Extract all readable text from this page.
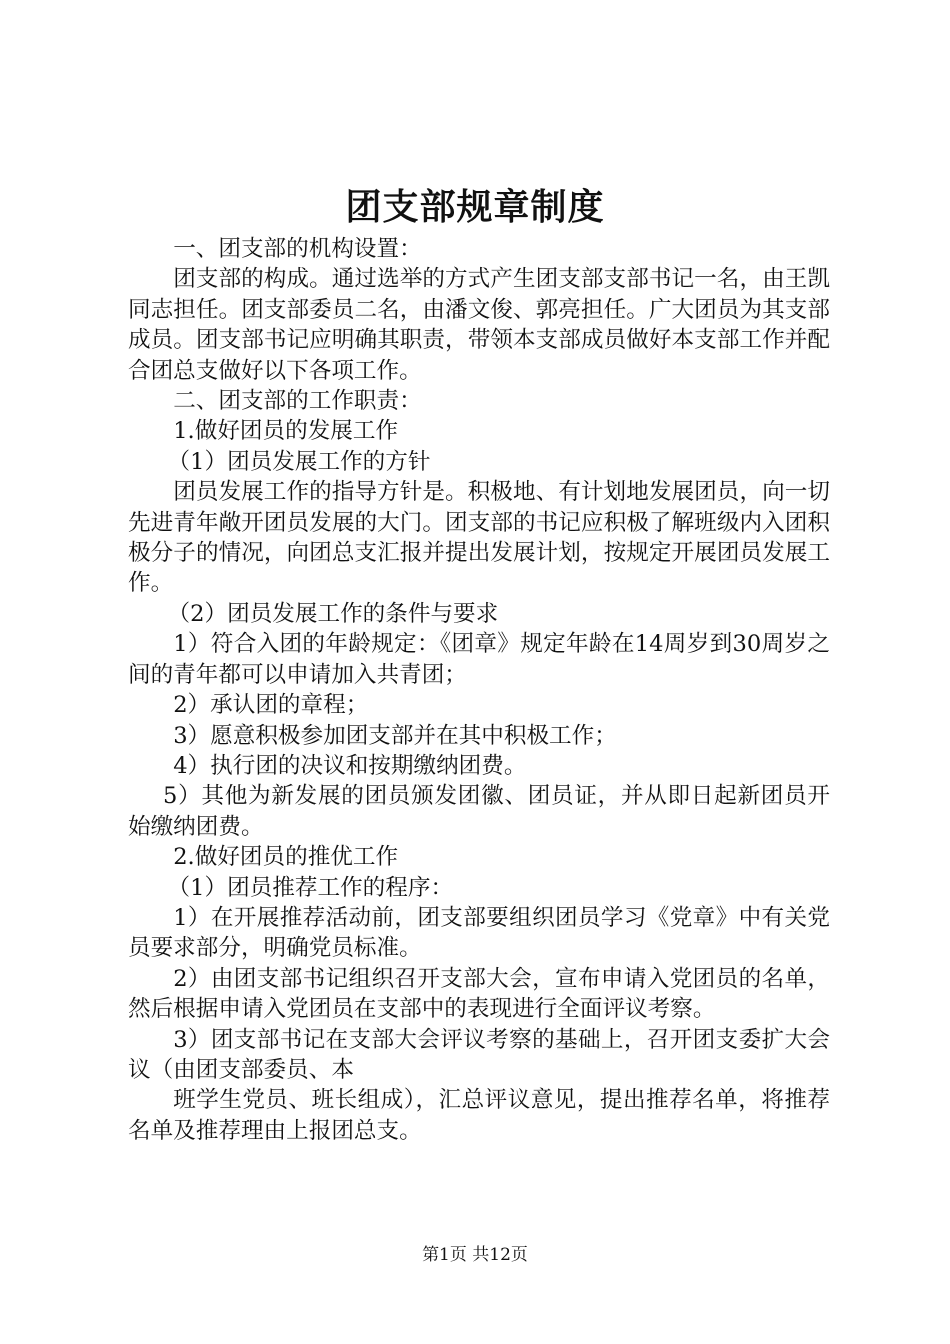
团支部规章制度

一、团支部的机构设置：

团支部的构成。通过选举的方式产生团支部支部书记一名，由王凯同志担任。团支部委员二名，由潘文俊、郭亮担任。广大团员为其支部成员。团支部书记应明确其职责，带领本支部成员做好本支部工作并配合团总支做好以下各项工作。

二、团支部的工作职责：

1.做好团员的发展工作

（1）团员发展工作的方针

团员发展工作的指导方针是。积极地、有计划地发展团员，向一切先进青年敞开团员发展的大门。团支部的书记应积极了解班级内入团积极分子的情况，向团总支汇报并提出发展计划，按规定开展团员发展工作。

（2）团员发展工作的条件与要求

1）符合入团的年龄规定：《团章》规定年龄在14周岁到30周岁之间的青年都可以申请加入共青团；

2）承认团的章程；

3）愿意积极参加团支部并在其中积极工作；

4）执行团的决议和按期缴纳团费。

5）其他为新发展的团员颁发团徽、团员证，并从即日起新团员开始缴纳团费。

2.做好团员的推优工作

（1）团员推荐工作的程序：

1）在开展推荐活动前，团支部要组织团员学习《党章》中有关党员要求部分，明确党员标准。

2）由团支部书记组织召开支部大会，宣布申请入党团员的名单，然后根据申请入党团员在支部中的表现进行全面评议考察。

3）团支部书记在支部大会评议考察的基础上，召开团支委扩大会议（由团支部委员、本

班学生党员、班长组成），汇总评议意见，提出推荐名单，将推荐名单及推荐理由上报团总支。

第1页 共12页
